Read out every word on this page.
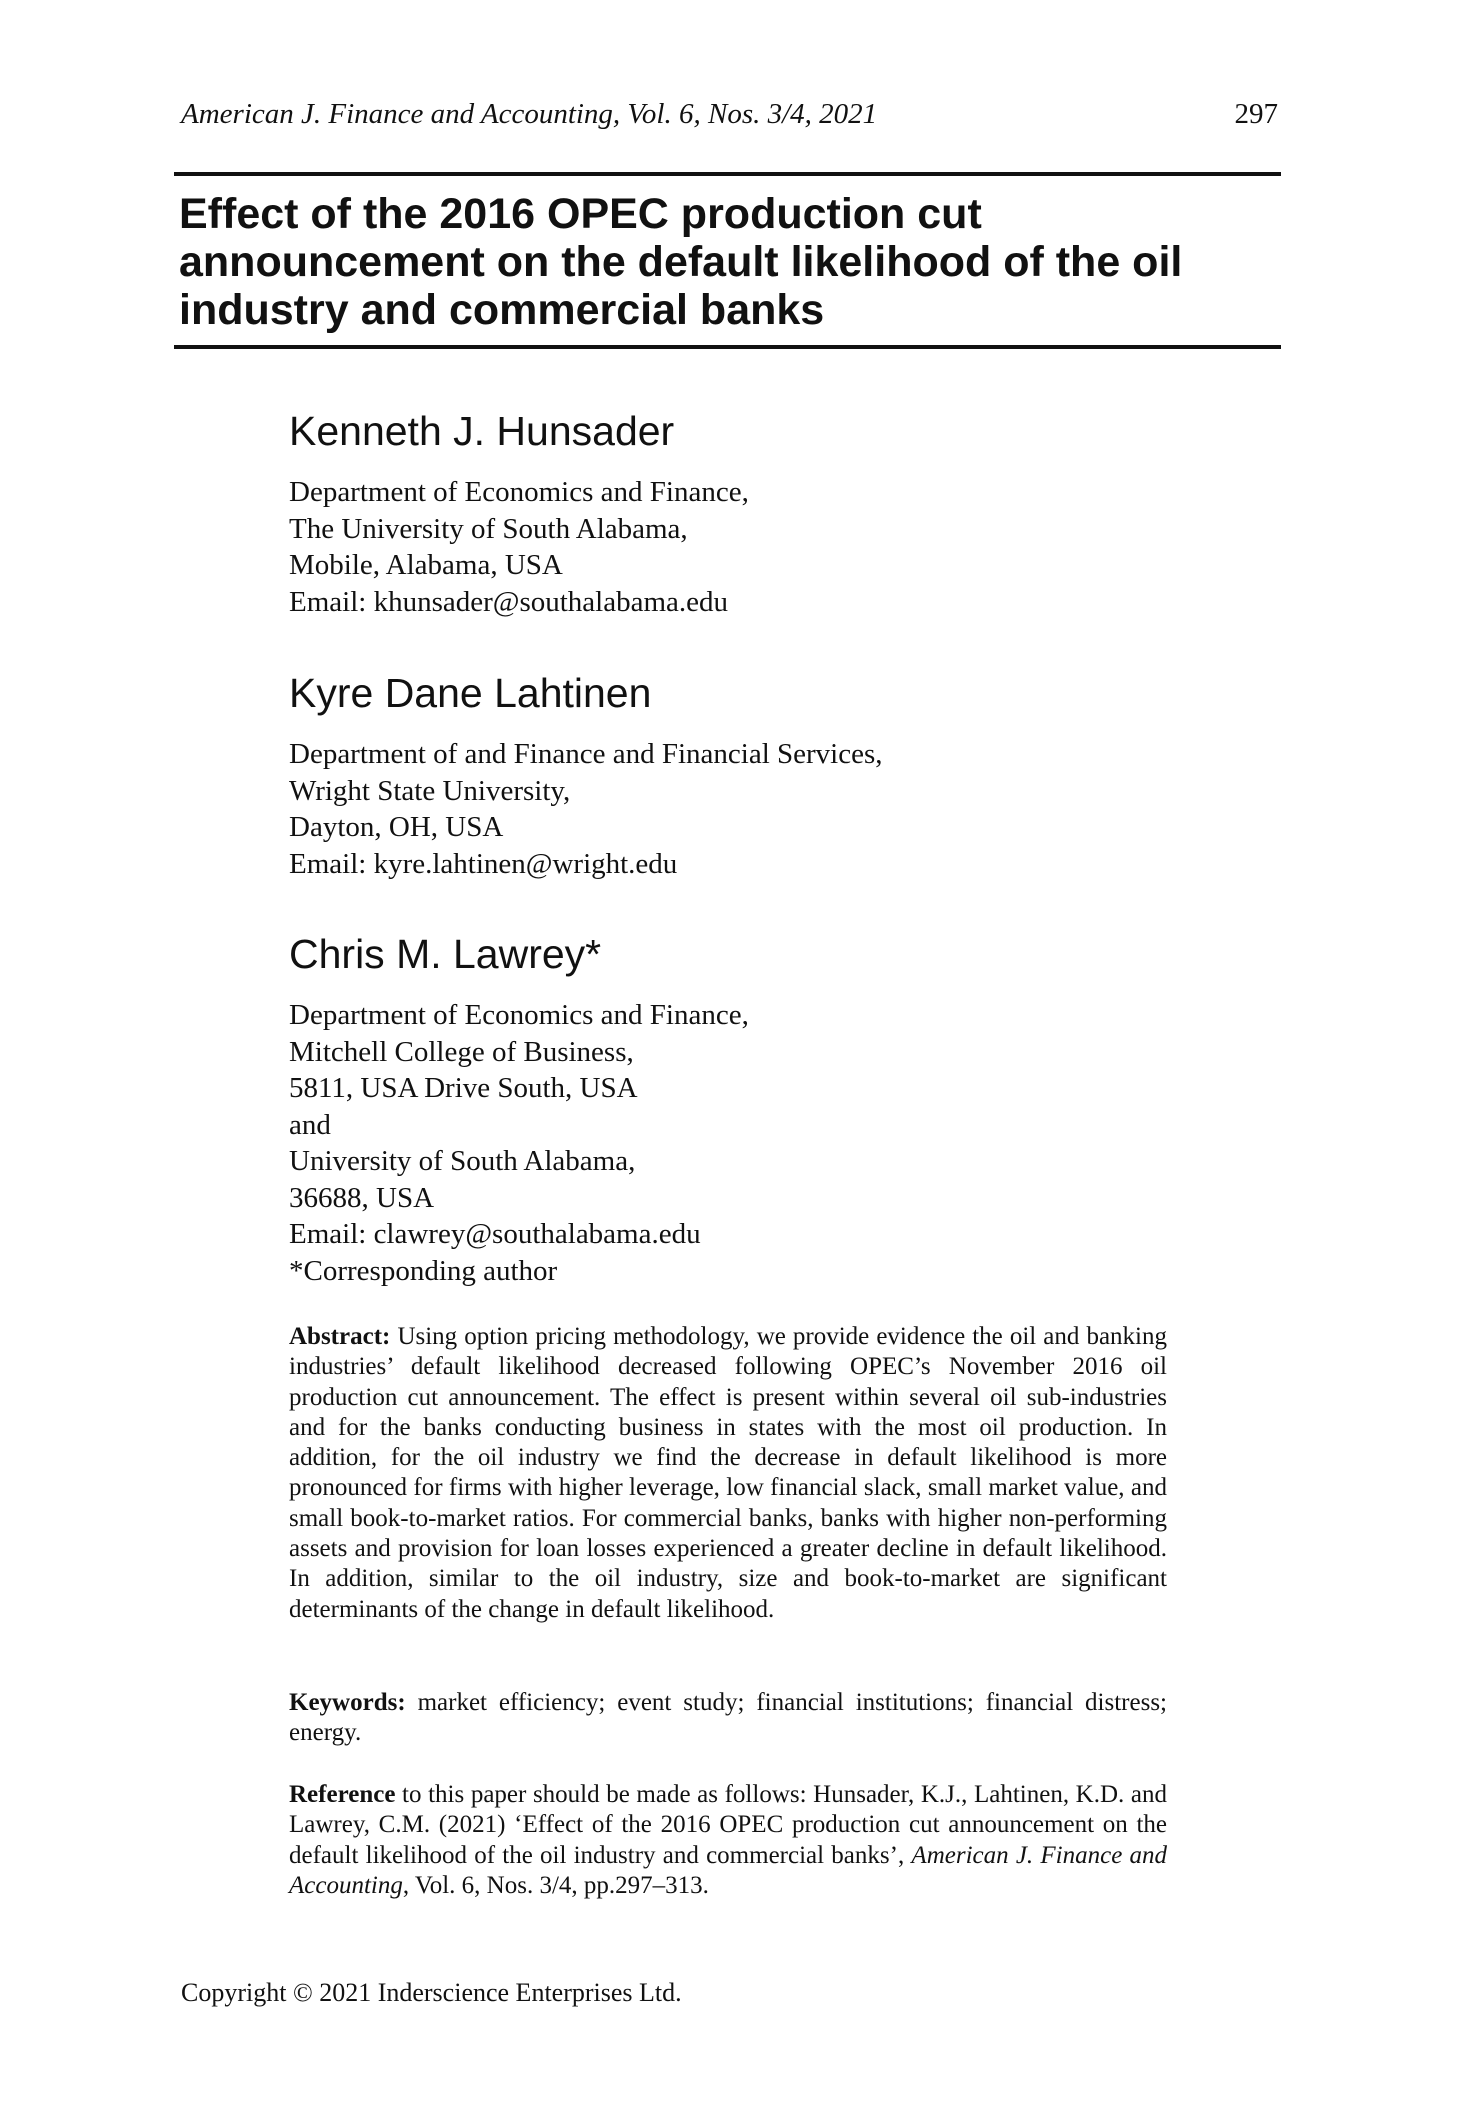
American J. Finance and Accounting, Vol. 6, Nos. 3/4, 2021	297
Effect of the 2016 OPEC production cut
announcement on the default likelihood of the oil
industry and commercial banks
Kenneth J. Hunsader
Department of Economics and Finance,
The University of South Alabama,
Mobile, Alabama, USA
Email: khunsader@southalabama.edu
Kyre Dane Lahtinen
Department of and Finance and Financial Services,
Wright State University,
Dayton, OH, USA
Email: kyre.lahtinen@wright.edu
Chris M. Lawrey*
Department of Economics and Finance,
Mitchell College of Business,
5811, USA Drive South, USA
and
University of South Alabama,
36688, USA
Email: clawrey@southalabama.edu
*Corresponding author
Abstract: Using option pricing methodology, we provide evidence the oil and banking industries’ default likelihood decreased following OPEC’s November 2016 oil production cut announcement. The effect is present within several oil sub-industries and for the banks conducting business in states with the most oil production. In addition, for the oil industry we find the decrease in default likelihood is more pronounced for firms with higher leverage, low financial slack, small market value, and small book-to-market ratios. For commercial banks, banks with higher non-performing assets and provision for loan losses experienced a greater decline in default likelihood. In addition, similar to the oil industry, size and book-to-market are significant determinants of the change in default likelihood.
Keywords: market efficiency; event study; financial institutions; financial distress; energy.
Reference to this paper should be made as follows: Hunsader, K.J., Lahtinen, K.D. and Lawrey, C.M. (2021) ‘Effect of the 2016 OPEC production cut announcement on the default likelihood of the oil industry and commercial banks’, American J. Finance and Accounting, Vol. 6, Nos. 3/4, pp.297–313.
Copyright © 2021 Inderscience Enterprises Ltd.
